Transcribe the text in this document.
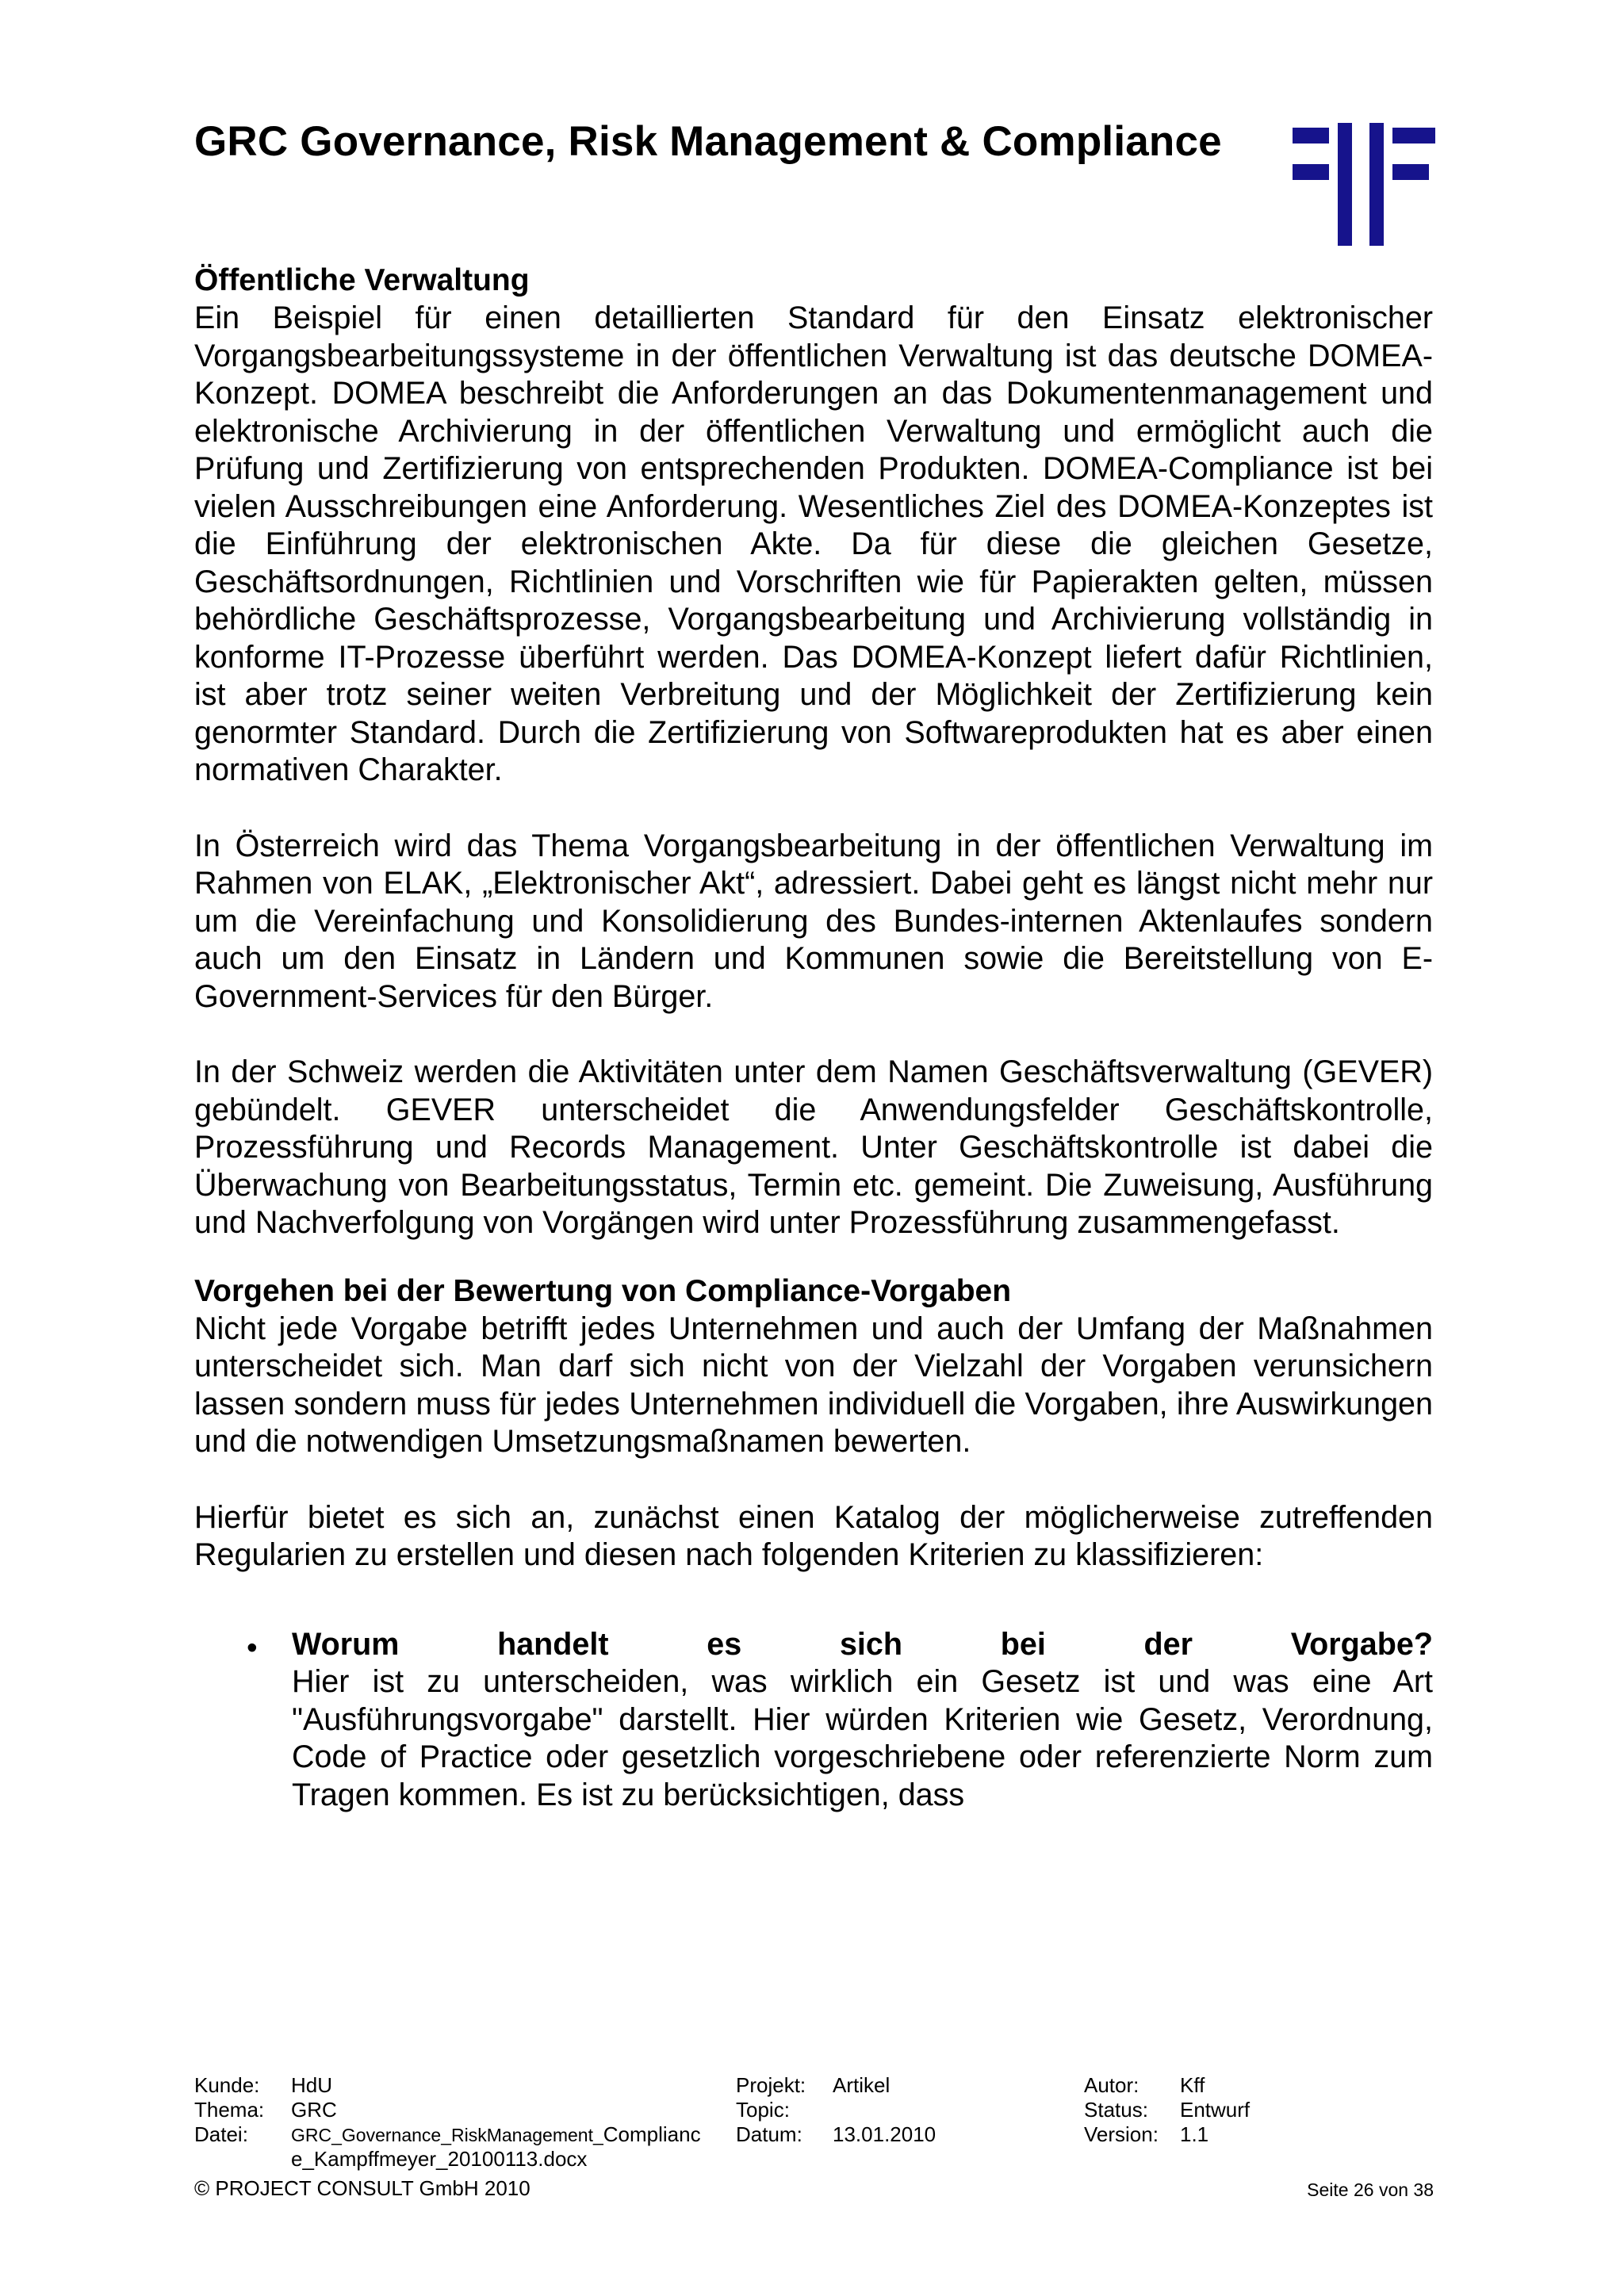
GRC Governance, Risk Management & Compliance
Öffentliche Verwaltung

Ein Beispiel für einen detaillierten Standard für den Einsatz elektronischer Vorgangsbearbeitungssysteme in der öffentlichen Verwaltung ist das deutsche DOMEA-Konzept. DOMEA beschreibt die Anforderungen an das Dokumentenmanagement und elektronische Archivierung in der öffentlichen Verwaltung und ermöglicht auch die Prüfung und Zertifizierung von entsprechenden Produkten. DOMEA-Compliance ist bei vielen Ausschreibungen eine Anforderung. Wesentliches Ziel des DOMEA-Konzeptes ist die Einführung der elektronischen Akte. Da für diese die gleichen Gesetze, Geschäftsordnungen, Richtlinien und Vorschriften wie für Papierakten gelten, müssen behördliche Geschäftsprozesse, Vorgangsbearbeitung und Archivierung vollständig in konforme IT-Prozesse überführt werden. Das DOMEA-Konzept liefert dafür Richtlinien, ist aber trotz seiner weiten Verbreitung und der Möglichkeit der Zertifizierung kein genormter Standard. Durch die Zertifizierung von Softwareprodukten hat es aber einen normativen Charakter.

In Österreich wird das Thema Vorgangsbearbeitung in der öffentlichen Verwaltung im Rahmen von ELAK, „Elektronischer Akt“, adressiert. Dabei geht es längst nicht mehr nur um die Vereinfachung und Konsolidierung des Bundes-internen Aktenlaufes sondern auch um den Einsatz in Ländern und Kommunen sowie die Bereitstellung von E-Government-Services für den Bürger.

In der Schweiz werden die Aktivitäten unter dem Namen Geschäftsverwaltung (GEVER) gebündelt. GEVER unterscheidet die Anwendungsfelder Geschäftskontrolle, Prozessführung und Records Management. Unter Geschäftskontrolle ist dabei die Überwachung von Bearbeitungsstatus, Termin etc. gemeint. Die Zuweisung, Ausführung und Nachverfolgung von Vorgängen wird unter Prozessführung zusammengefasst.

Vorgehen bei der Bewertung von Compliance-Vorgaben

Nicht jede Vorgabe betrifft jedes Unternehmen und auch der Umfang der Maßnahmen unterscheidet sich. Man darf sich nicht von der Vielzahl der Vorgaben verunsichern lassen sondern muss für jedes Unternehmen individuell die Vorgaben, ihre Auswirkungen und die notwendigen Umsetzungsmaßnamen bewerten.

Hierfür bietet es sich an, zunächst einen Katalog der möglicherweise zutreffenden Regularien zu erstellen und diesen nach folgenden Kriterien zu klassifizieren:

• Worum handelt es sich bei der Vorgabe?

Hier ist zu unterscheiden, was wirklich ein Gesetz ist und was eine Art "Ausführungsvorgabe" darstellt. Hier würden Kriterien wie Gesetz, Verordnung, Code of Practice oder gesetzlich vorgeschriebene oder referenzierte Norm zum Tragen kommen. Es ist zu berücksichtigen, dass

Kunde: HdU
Thema: GRC
Datei: GRC_Governance_RiskManagement_Complianc
e_Kampffmeyer_20100113.docx
Projekt: Artikel
Topic:
Datum: 13.01.2010
Autor: Kff
Status: Entwurf
Version: 1.1
© PROJECT CONSULT GmbH 2010	Seite 26 von 38
